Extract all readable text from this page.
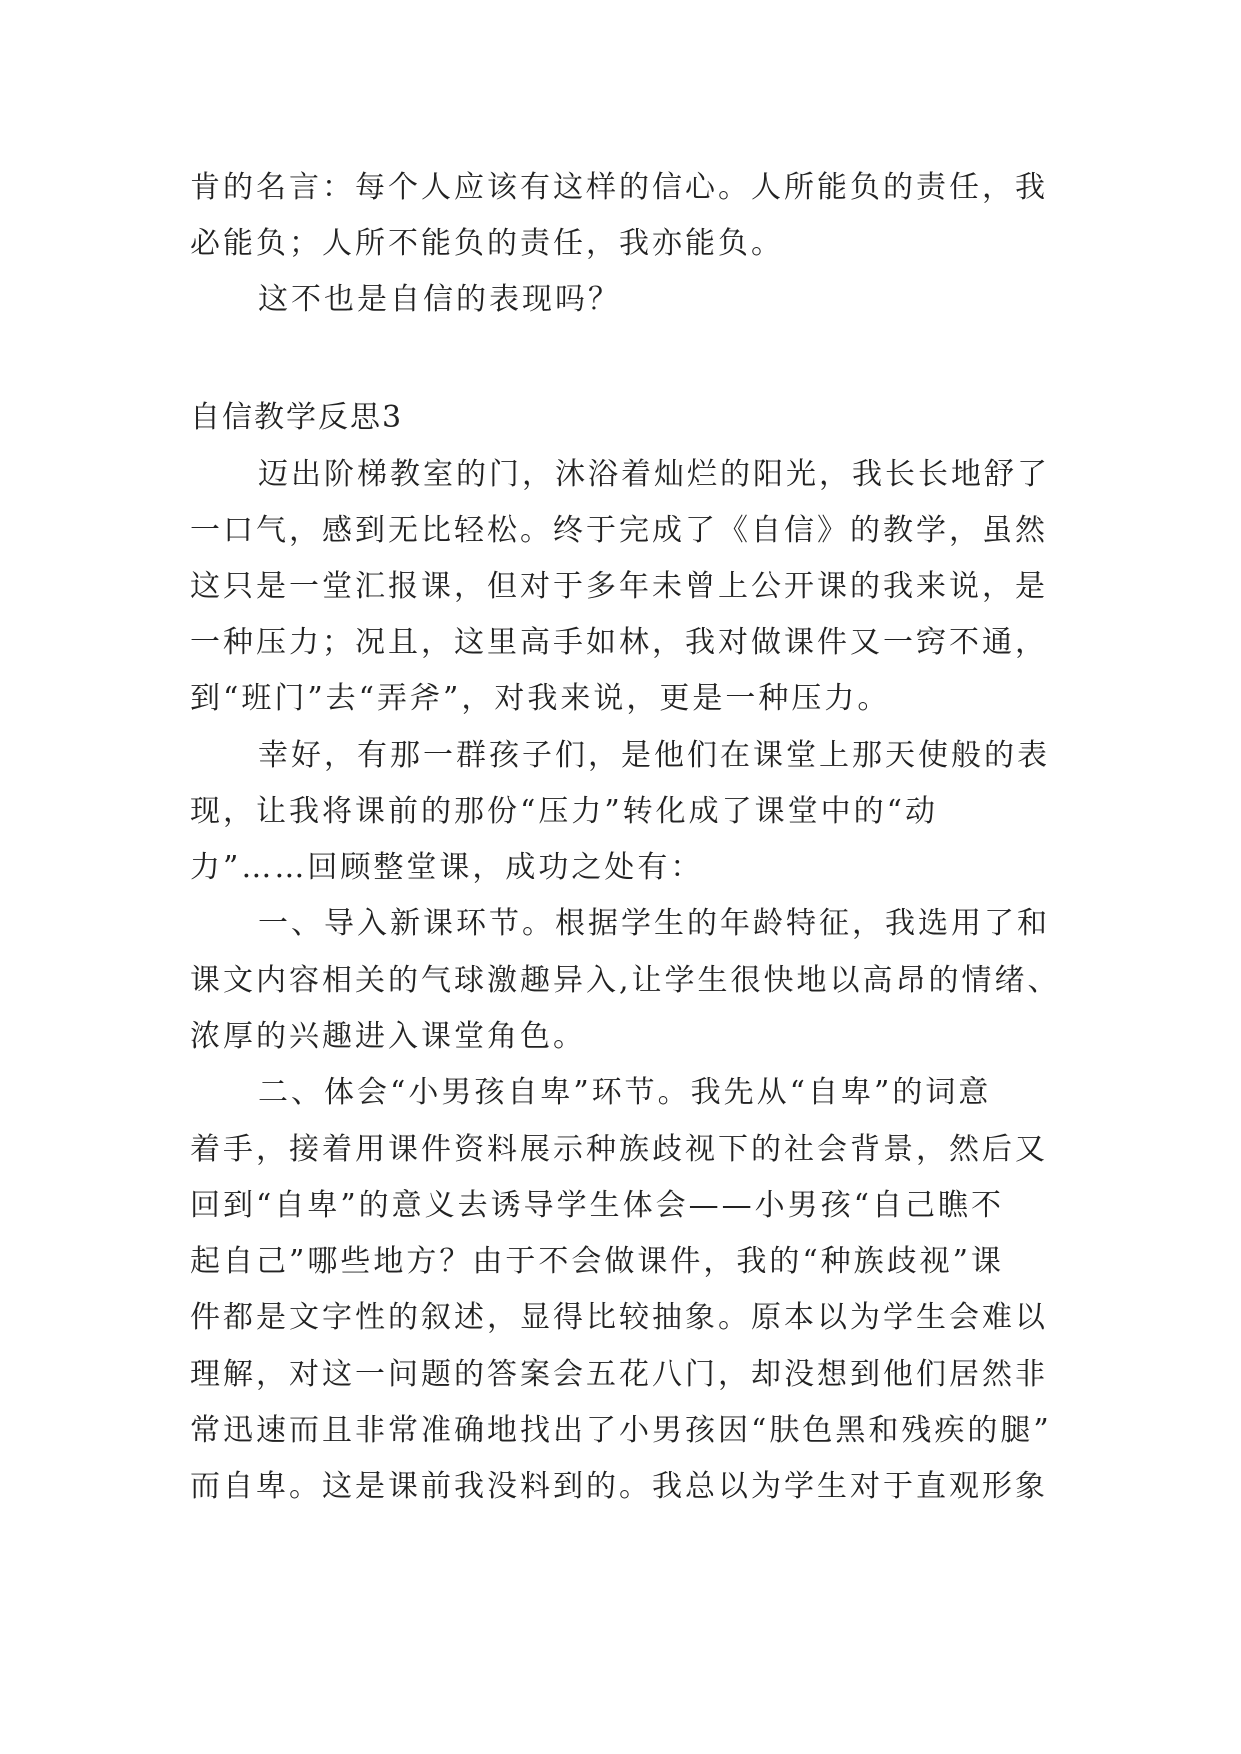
肯的名言：每个人应该有这样的信心。人所能负的责任，我

必能负；人所不能负的责任，我亦能负。

这不也是自信的表现吗？

自信教学反思3

迈出阶梯教室的门，沐浴着灿烂的阳光，我长长地舒了

一口气，感到无比轻松。终于完成了《自信》的教学，虽然

这只是一堂汇报课，但对于多年未曾上公开课的我来说，是

一种压力；况且，这里高手如林，我对做课件又一窍不通，

到“班门”去“弄斧”，对我来说，更是一种压力。

幸好，有那一群孩子们，是他们在课堂上那天使般的表

现，让我将课前的那份“压力”转化成了课堂中的“动

力”……回顾整堂课，成功之处有：

一、导入新课环节。根据学生的年龄特征，我选用了和

课文内容相关的气球激趣异入,让学生很快地以高昂的情绪、

浓厚的兴趣进入课堂角色。

二、体会“小男孩自卑”环节。我先从“自卑”的词意

着手，接着用课件资料展示种族歧视下的社会背景，然后又

回到“自卑”的意义去诱导学生体会——小男孩“自己瞧不

起自己”哪些地方？由于不会做课件，我的“种族歧视”课

件都是文字性的叙述，显得比较抽象。原本以为学生会难以

理解，对这一问题的答案会五花八门，却没想到他们居然非

常迅速而且非常准确地找出了小男孩因“肤色黑和残疾的腿”

而自卑。这是课前我没料到的。我总以为学生对于直观形象
